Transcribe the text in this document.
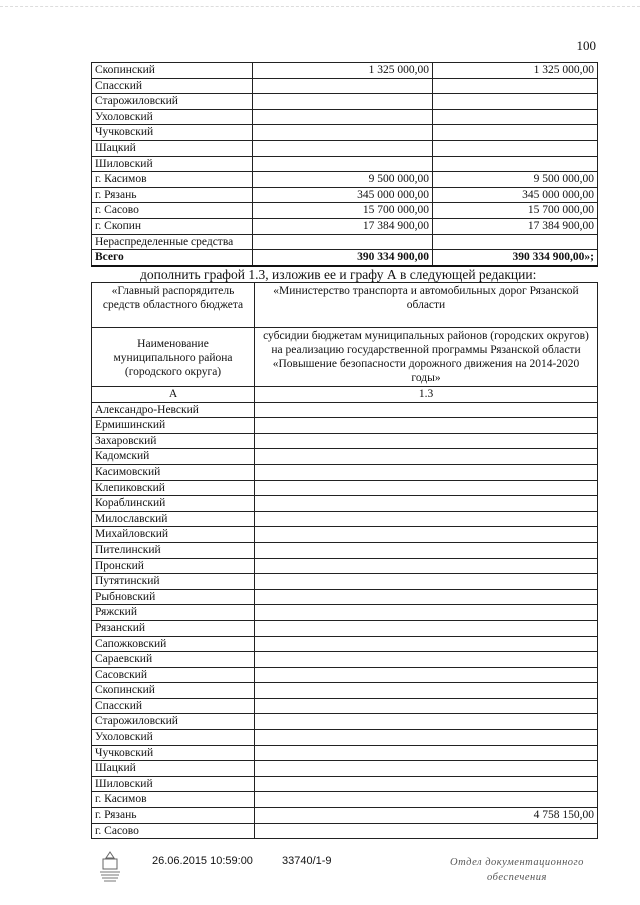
100
Скопинский	1 325 000,00	1 325 000,00
Спасский		
Старожиловский		
Ухоловский		
Чучковский		
Шацкий		
Шиловский		
г. Касимов	9 500 000,00	9 500 000,00
г. Рязань	345 000 000,00	345 000 000,00
г. Сасово	15 700 000,00	15 700 000,00
г. Скопин	17 384 900,00	17 384 900,00
Нераспределенные средства		
Всего	390 334 900,00	390 334 900,00»;
дополнить графой 1.3, изложив ее и графу А в следующей редакции:
«Главный распорядитель средств областного бюджета	«Министерство транспорта и автомобильных дорог Рязанской области
Наименование муниципального района (городского округа)	субсидии бюджетам муниципальных районов (городских округов) на реализацию государственной программы Рязанской области «Повышение безопасности дорожного движения на 2014-2020 годы»
А	1.3
Александро-Невский	
Ермишинский	
Захаровский	
Кадомский	
Касимовский	
Клепиковский	
Кораблинский	
Милославский	
Михайловский	
Пителинский	
Пронский	
Путятинский	
Рыбновский	
Ряжский	
Рязанский	
Сапожковский	
Сараевский	
Сасовский	
Скопинский	
Спасский	
Старожиловский	
Ухоловский	
Чучковский	
Шацкий	
Шиловский	
г. Касимов	
г. Рязань	4 758 150,00
г. Сасово	
26.06.2015 10:59:00	33740/1-9	Отдел документационного
обеспечения
